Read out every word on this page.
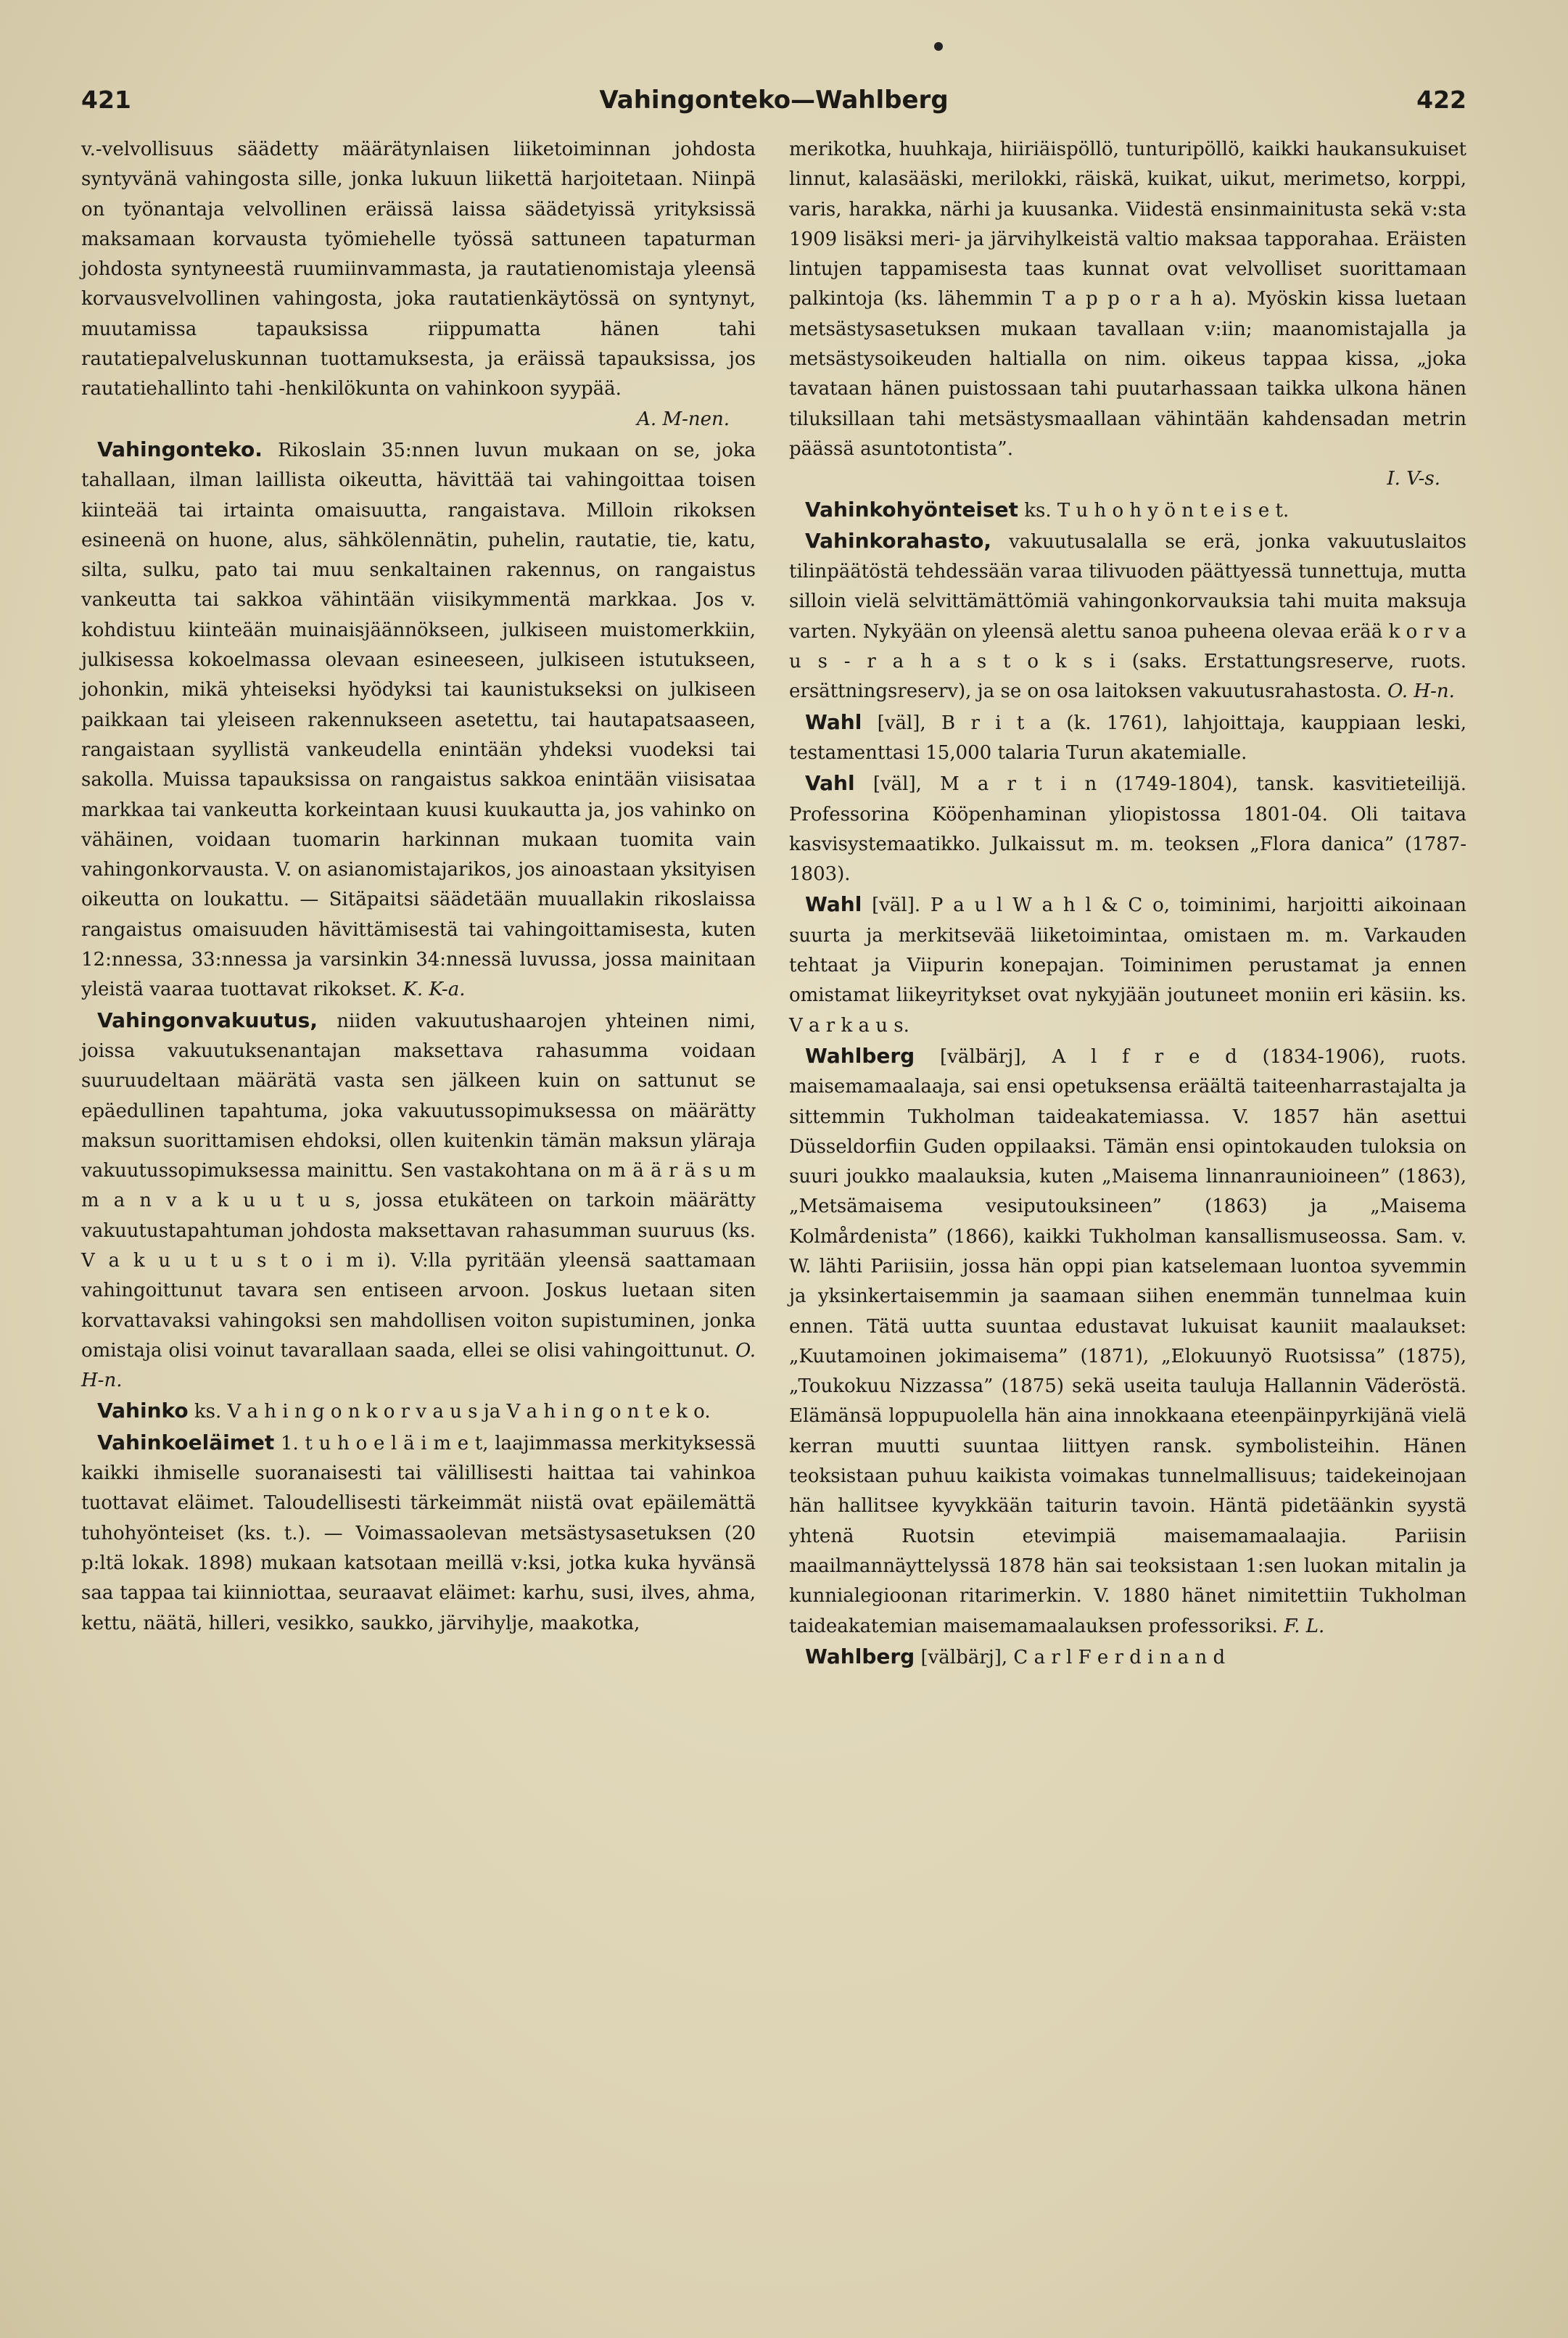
421	Vahingonteko—Wahlberg	422

v.-velvollisuus säädetty määrätynlaisen liiketoiminnan johdosta syntyvänä vahingosta sille, jonka lukuun liikettä harjoitetaan. Niinpä on työnantaja velvollinen eräissä laissa säädetyissä yrityksissä maksamaan korvausta työmiehelle työssä sattuneen tapaturman johdosta syntyneestä ruumiinvammasta, ja rautatienomistaja yleensä korvausvelvollinen vahingosta, joka rautatienkäytössä on syntynyt, muutamissa tapauksissa riippumatta hänen tahi rautatiepalveluskunnan tuottamuksesta, ja eräissä tapauksissa, jos rautatiehallinto tahi -henkilökunta on vahinkoon syypää.
A. M-nen.

Vahingonteko. Rikoslain 35:nnen luvun mukaan on se, joka tahallaan, ilman laillista oikeutta, hävittää tai vahingoittaa toisen kiinteää tai irtainta omaisuutta, rangaistava. Milloin rikoksen esineenä on huone, alus, sähkölennätin, puhelin, rautatie, tie, katu, silta, sulku, pato tai muu senkaltainen rakennus, on rangaistus vankeutta tai sakkoa vähintään viisikymmentä markkaa. Jos v. kohdistuu kiinteään muinaisjäännökseen, julkiseen muistomerkkiin, julkisessa kokoelmassa olevaan esineeseen, julkiseen istutukseen, johonkin, mikä yhteiseksi hyödyksi tai kaunistukseksi on julkiseen paikkaan tai yleiseen rakennukseen asetettu, tai hautapatsaaseen, rangaistaan syyllistä vankeudella enintään yhdeksi vuodeksi tai sakolla. Muissa tapauksissa on rangaistus sakkoa enintään viisisataa markkaa tai vankeutta korkeintaan kuusi kuukautta ja, jos vahinko on vähäinen, voidaan tuomarin harkinnan mukaan tuomita vain vahingonkorvausta. V. on asianomistajarikos, jos ainoastaan yksityisen oikeutta on loukattu. — Sitäpaitsi säädetään muuallakin rikoslaissa rangaistus omaisuuden hävittämisestä tai vahingoittamisesta, kuten 12:nnessa, 33:nnessa ja varsinkin 34:nnessä luvussa, jossa mainitaan yleistä vaaraa tuottavat rikokset. K. K-a.

Vahingonvakuutus, niiden vakuutushaarojen yhteinen nimi, joissa vakuutuksenantajan maksettava rahasumma voidaan suuruudeltaan määrätä vasta sen jälkeen kuin on sattunut se epäedullinen tapahtuma, joka vakuutussopimuksessa on määrätty maksun suorittamisen ehdoksi, ollen kuitenkin tämän maksun yläraja vakuutussopimuksessa mainittu. Sen vastakohtana on m ä ä r ä s u m m a n v a k u u t u s, jossa etukäteen on tarkoin määrätty vakuutustapahtuman johdosta maksettavan rahasumman suuruus (ks. V a k u u t u s t o i m i). V:lla pyritään yleensä saattamaan vahingoittunut tavara sen entiseen arvoon. Joskus luetaan siten korvattavaksi vahingoksi sen mahdollisen voiton supistuminen, jonka omistaja olisi voinut tavarallaan saada, ellei se olisi vahingoittunut. O. H-n.

Vahinko ks. V a h i n g o n k o r v a u s ja V a h i n g o n t e k o.

Vahinkoeläimet 1. t u h o e l ä i m e t, laajimmassa merkityksessä kaikki ihmiselle suoranaisesti tai välillisesti haittaa tai vahinkoa tuottavat eläimet. Taloudellisesti tärkeimmät niistä ovat epäilemättä tuhohyönteiset (ks. t.). — Voimassaolevan metsästysasetuksen (20 p:ltä lokak. 1898) mukaan katsotaan meillä v:ksi, jotka kuka hyvänsä saa tappaa tai kiinniottaa, seuraavat eläimet: karhu, susi, ilves, ahma, kettu, näätä, hilleri, vesikko, saukko, järvihylje, maakotka,

merikotka, huuhkaja, hiiriäispöllö, tunturipöllö, kaikki haukansukuiset linnut, kalasääski, merilokki, räiskä, kuikat, uikut, merimetso, korppi, varis, harakka, närhi ja kuusanka. Viidestä ensinmainitusta sekä v:sta 1909 lisäksi meri- ja järvihylkeistä valtio maksaa tapporahaa. Eräisten lintujen tappamisesta taas kunnat ovat velvolliset suorittamaan palkintoja (ks. lähemmin T a p p o r a h a). Myöskin kissa luetaan metsästysasetuksen mukaan tavallaan v:iin; maanomistajalla ja metsästysoikeuden haltialla on nim. oikeus tappaa kissa, „joka tavataan hänen puistossaan tahi puutarhassaan taikka ulkona hänen tiluksillaan tahi metsästysmaallaan vähintään kahdensadan metrin päässä asuntotontista”.
I. V-s.

Vahinkohyönteiset ks. T u h o h y ö n t e i s e t.

Vahinkorahasto, vakuutusalalla se erä, jonka vakuutuslaitos tilinpäätöstä tehdessään varaa tilivuoden päättyessä tunnettuja, mutta silloin vielä selvittämättömiä vahingonkorvauksia tahi muita maksuja varten. Nykyään on yleensä alettu sanoa puheena olevaa erää k o r v a u s - r a h a s t o k s i (saks. Erstattungsreserve, ruots. ersättningsreserv), ja se on osa laitoksen vakuutusrahastosta. O. H-n.

Wahl [väl], B r i t a (k. 1761), lahjoittaja, kauppiaan leski, testamenttasi 15,000 talaria Turun akatemialle.

Vahl [väl], M a r t i n (1749-1804), tansk. kasvitieteilijä. Professorina Kööpenhaminan yliopistossa 1801-04. Oli taitava kasvisystemaatikko. Julkaissut m. m. teoksen „Flora danica” (1787-1803).

Wahl [väl]. P a u l W a h l & C o, toiminimi, harjoitti aikoinaan suurta ja merkitsevää liiketoimintaa, omistaen m. m. Varkauden tehtaat ja Viipurin konepajan. Toiminimen perustamat ja ennen omistamat liikeyritykset ovat nykyjään joutuneet moniin eri käsiin. ks. V a r k a u s.

Wahlberg [välbärj], A l f r e d (1834-1906), ruots. maisemamaalaaja, sai ensi opetuksensa eräältä taiteenharrastajalta ja sittemmin Tukholman taideakatemiassa. V. 1857 hän asettui Düsseldorfiin Guden oppilaaksi. Tämän ensi opintokauden tuloksia on suuri joukko maalauksia, kuten „Maisema linnanraunioineen” (1863), „Metsämaisema vesiputouksineen” (1863) ja „Maisema Kolmårdenista” (1866), kaikki Tukholman kansallismuseossa. Sam. v. W. lähti Pariisiin, jossa hän oppi pian katselemaan luontoa syvemmin ja yksinkertaisemmin ja saamaan siihen enemmän tunnelmaa kuin ennen. Tätä uutta suuntaa edustavat lukuisat kauniit maalaukset: „Kuutamoinen jokimaisema” (1871), „Elokuunyö Ruotsissa” (1875), „Toukokuu Nizzassa” (1875) sekä useita tauluja Hallannin Väderöstä. Elämänsä loppupuolella hän aina innokkaana eteenpäinpyrkijänä vielä kerran muutti suuntaa liittyen ransk. symbolisteihin. Hänen teoksistaan puhuu kaikista voimakas tunnelmallisuus; taidekeinojaan hän hallitsee kyvykkään taiturin tavoin. Häntä pidetäänkin syystä yhtenä Ruotsin etevimpiä maisemamaalaajia. Pariisin maailmannäyttelyssä 1878 hän sai teoksistaan 1:sen luokan mitalin ja kunnialegioonan ritarimerkin. V. 1880 hänet nimitettiin Tukholman taideakatemian maisemamaalauksen professoriksi. F. L.

Wahlberg [välbärj], C a r l F e r d i n a n d
